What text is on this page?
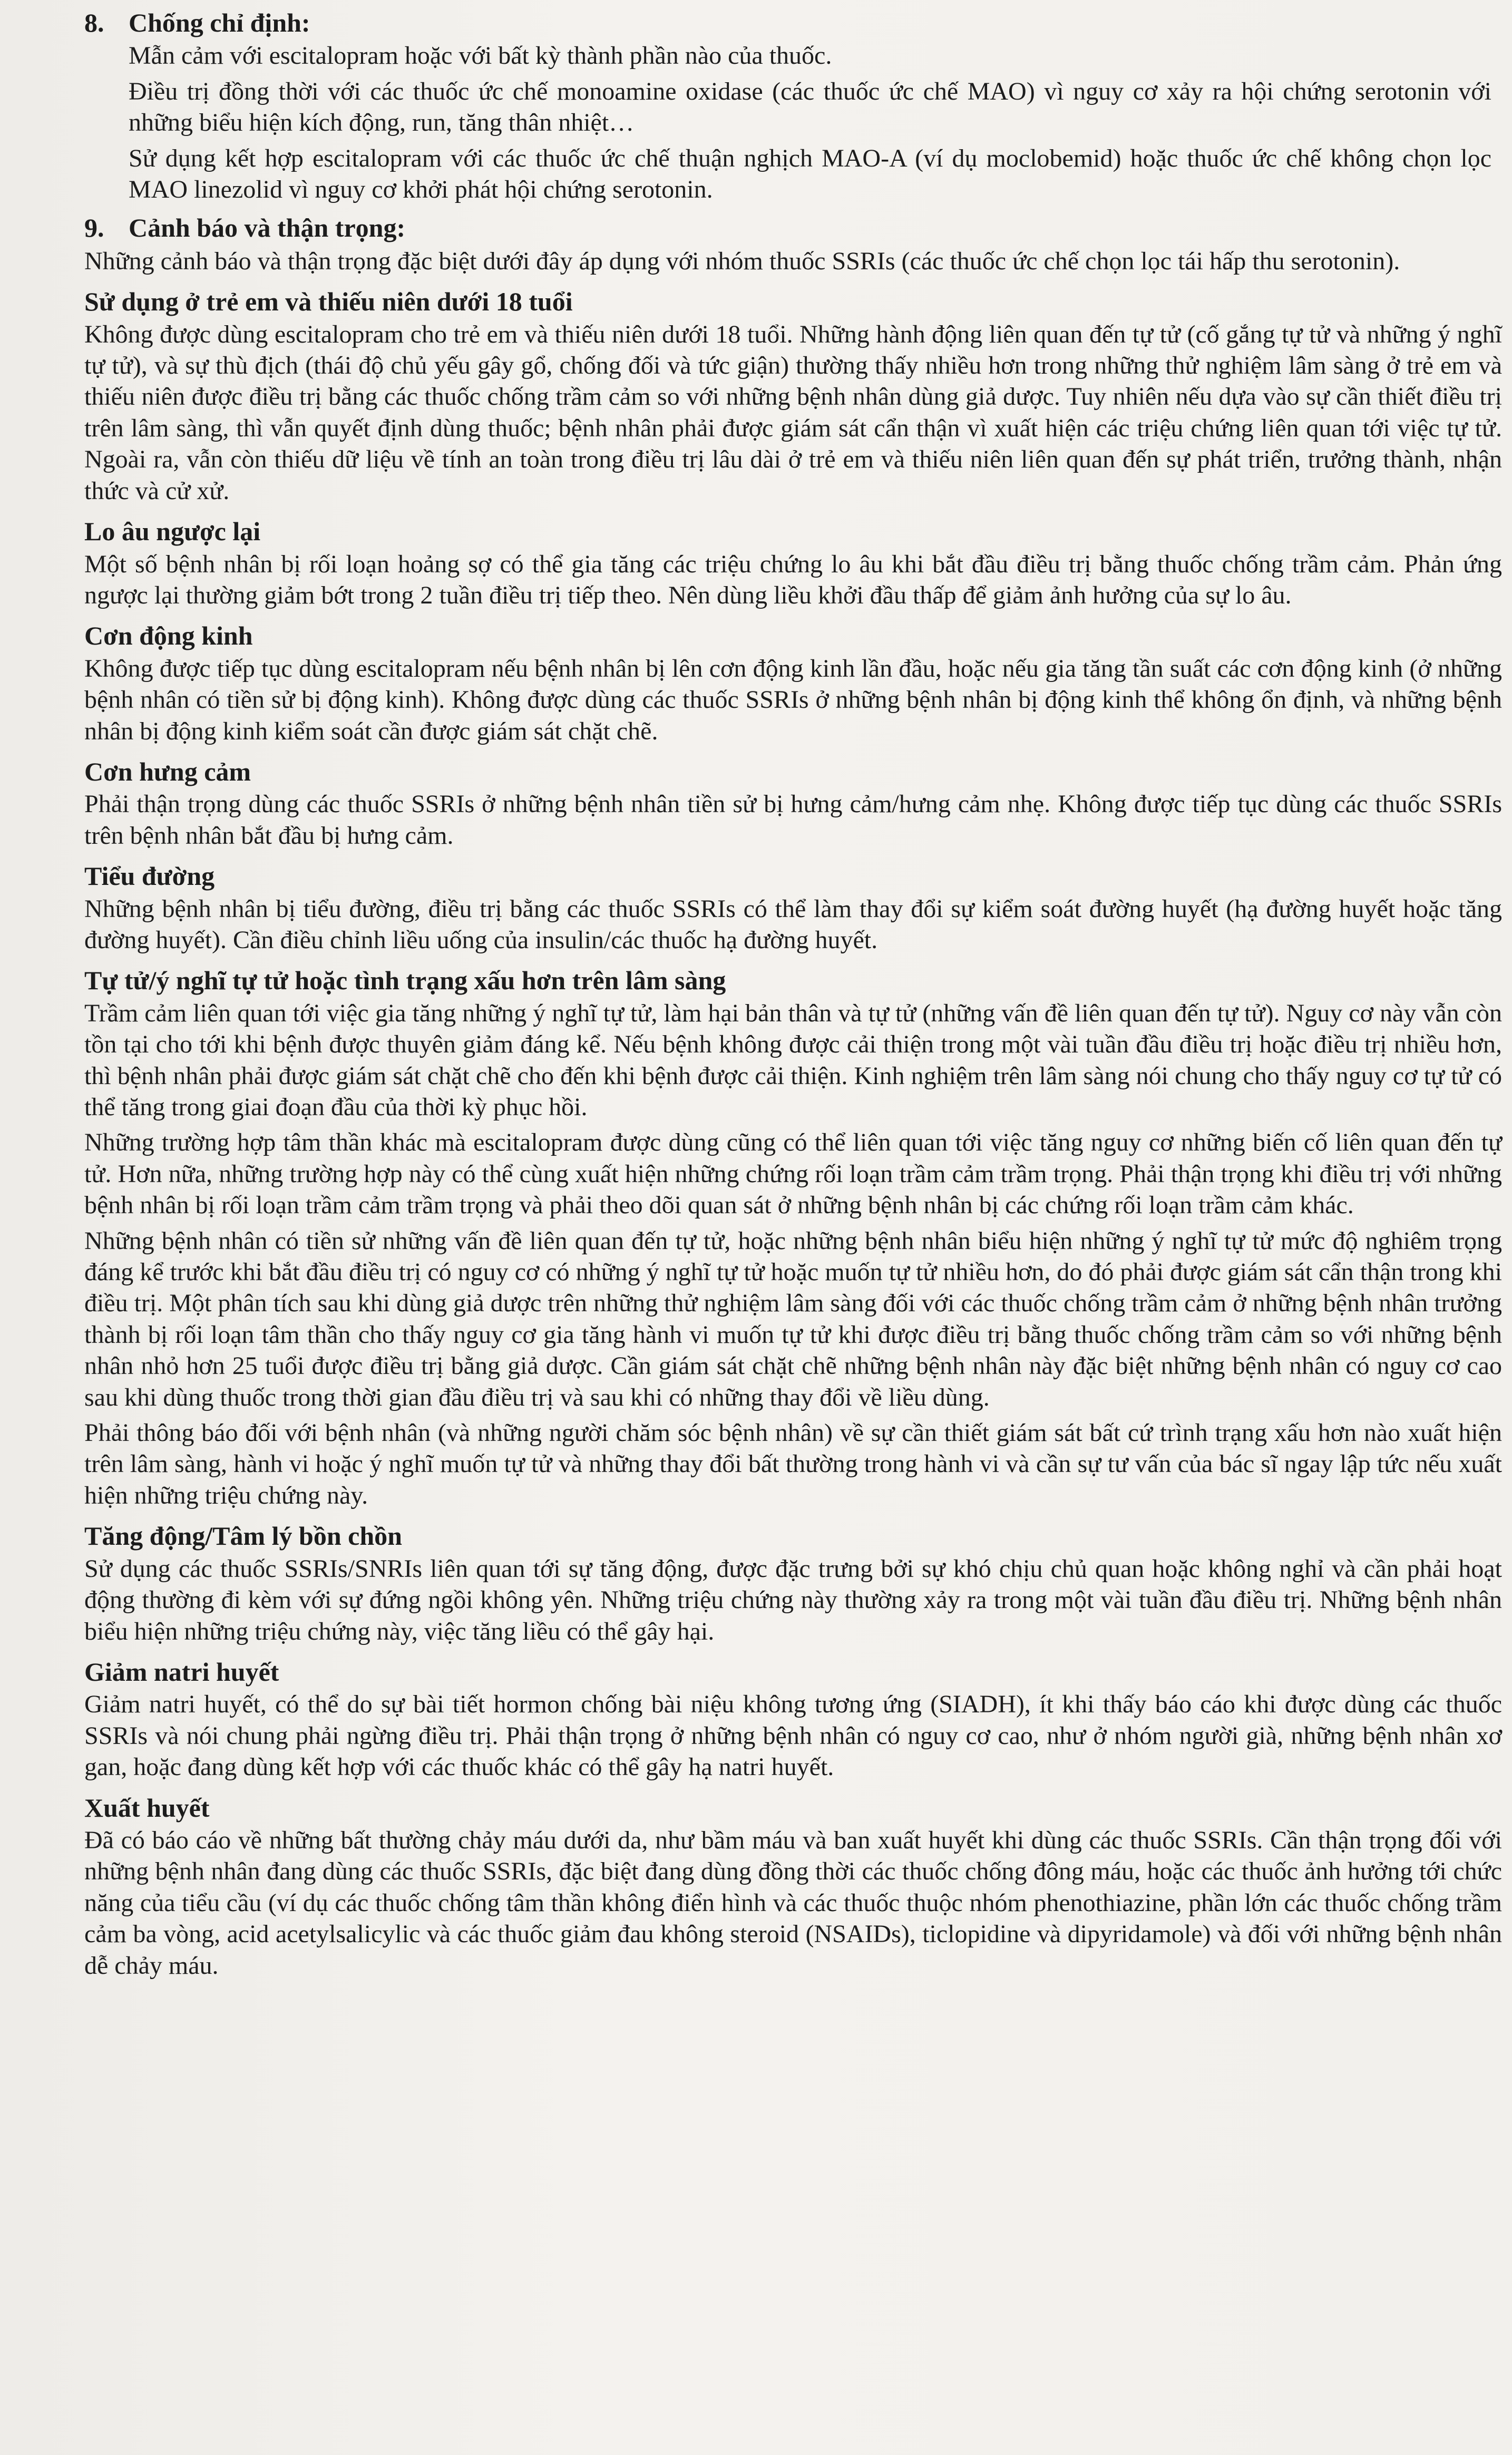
8. Chống chỉ định:

Mẫn cảm với escitalopram hoặc với bất kỳ thành phần nào của thuốc.

Điều trị đồng thời với các thuốc ức chế monoamine oxidase (các thuốc ức chế MAO) vì nguy cơ xảy ra hội chứng serotonin với những biểu hiện kích động, run, tăng thân nhiệt…

Sử dụng kết hợp escitalopram với các thuốc ức chế thuận nghịch MAO-A (ví dụ moclobemid) hoặc thuốc ức chế không chọn lọc MAO linezolid vì nguy cơ khởi phát hội chứng serotonin.

9. Cảnh báo và thận trọng:

Những cảnh báo và thận trọng đặc biệt dưới đây áp dụng với nhóm thuốc SSRIs (các thuốc ức chế chọn lọc tái hấp thu serotonin).

Sử dụng ở trẻ em và thiếu niên dưới 18 tuổi

Không được dùng escitalopram cho trẻ em và thiếu niên dưới 18 tuổi. Những hành động liên quan đến tự tử (cố gắng tự tử và những ý nghĩ tự tử), và sự thù địch (thái độ chủ yếu gây gổ, chống đối và tức giận) thường thấy nhiều hơn trong những thử nghiệm lâm sàng ở trẻ em và thiếu niên được điều trị bằng các thuốc chống trầm cảm so với những bệnh nhân dùng giả dược. Tuy nhiên nếu dựa vào sự cần thiết điều trị trên lâm sàng, thì vẫn quyết định dùng thuốc; bệnh nhân phải được giám sát cẩn thận vì xuất hiện các triệu chứng liên quan tới việc tự tử. Ngoài ra, vẫn còn thiếu dữ liệu về tính an toàn trong điều trị lâu dài ở trẻ em và thiếu niên liên quan đến sự phát triển, trưởng thành, nhận thức và cử xử.

Lo âu ngược lại

Một số bệnh nhân bị rối loạn hoảng sợ có thể gia tăng các triệu chứng lo âu khi bắt đầu điều trị bằng thuốc chống trầm cảm. Phản ứng ngược lại thường giảm bớt trong 2 tuần điều trị tiếp theo. Nên dùng liều khởi đầu thấp để giảm ảnh hưởng của sự lo âu.

Cơn động kinh

Không được tiếp tục dùng escitalopram nếu bệnh nhân bị lên cơn động kinh lần đầu, hoặc nếu gia tăng tần suất các cơn động kinh (ở những bệnh nhân có tiền sử bị động kinh). Không được dùng các thuốc SSRIs ở những bệnh nhân bị động kinh thể không ổn định, và những bệnh nhân bị động kinh kiểm soát cần được giám sát chặt chẽ.

Cơn hưng cảm

Phải thận trọng dùng các thuốc SSRIs ở những bệnh nhân tiền sử bị hưng cảm/hưng cảm nhẹ. Không được tiếp tục dùng các thuốc SSRIs trên bệnh nhân bắt đầu bị hưng cảm.

Tiểu đường

Những bệnh nhân bị tiểu đường, điều trị bằng các thuốc SSRIs có thể làm thay đổi sự kiểm soát đường huyết (hạ đường huyết hoặc tăng đường huyết). Cần điều chỉnh liều uống của insulin/các thuốc hạ đường huyết.

Tự tử/ý nghĩ tự tử hoặc tình trạng xấu hơn trên lâm sàng

Trầm cảm liên quan tới việc gia tăng những ý nghĩ tự tử, làm hại bản thân và tự tử (những vấn đề liên quan đến tự tử). Nguy cơ này vẫn còn tồn tại cho tới khi bệnh được thuyên giảm đáng kể. Nếu bệnh không được cải thiện trong một vài tuần đầu điều trị hoặc điều trị nhiều hơn, thì bệnh nhân phải được giám sát chặt chẽ cho đến khi bệnh được cải thiện. Kinh nghiệm trên lâm sàng nói chung cho thấy nguy cơ tự tử có thể tăng trong giai đoạn đầu của thời kỳ phục hồi.

Những trường hợp tâm thần khác mà escitalopram được dùng cũng có thể liên quan tới việc tăng nguy cơ những biến cố liên quan đến tự tử. Hơn nữa, những trường hợp này có thể cùng xuất hiện những chứng rối loạn trầm cảm trầm trọng. Phải thận trọng khi điều trị với những bệnh nhân bị rối loạn trầm cảm trầm trọng và phải theo dõi quan sát ở những bệnh nhân bị các chứng rối loạn trầm cảm khác.

Những bệnh nhân có tiền sử những vấn đề liên quan đến tự tử, hoặc những bệnh nhân biểu hiện những ý nghĩ tự tử mức độ nghiêm trọng đáng kể trước khi bắt đầu điều trị có nguy cơ có những ý nghĩ tự tử hoặc muốn tự tử nhiều hơn, do đó phải được giám sát cẩn thận trong khi điều trị. Một phân tích sau khi dùng giả dược trên những thử nghiệm lâm sàng đối với các thuốc chống trầm cảm ở những bệnh nhân trưởng thành bị rối loạn tâm thần cho thấy nguy cơ gia tăng hành vi muốn tự tử khi được điều trị bằng thuốc chống trầm cảm so với những bệnh nhân nhỏ hơn 25 tuổi được điều trị bằng giả dược. Cần giám sát chặt chẽ những bệnh nhân này đặc biệt những bệnh nhân có nguy cơ cao sau khi dùng thuốc trong thời gian đầu điều trị và sau khi có những thay đổi về liều dùng.

Phải thông báo đối với bệnh nhân (và những người chăm sóc bệnh nhân) về sự cần thiết giám sát bất cứ trình trạng xấu hơn nào xuất hiện trên lâm sàng, hành vi hoặc ý nghĩ muốn tự tử và những thay đổi bất thường trong hành vi và cần sự tư vấn của bác sĩ ngay lập tức nếu xuất hiện những triệu chứng này.

Tăng động/Tâm lý bồn chồn

Sử dụng các thuốc SSRIs/SNRIs liên quan tới sự tăng động, được đặc trưng bởi sự khó chịu chủ quan hoặc không nghỉ và cần phải hoạt động thường đi kèm với sự đứng ngồi không yên. Những triệu chứng này thường xảy ra trong một vài tuần đầu điều trị. Những bệnh nhân biểu hiện những triệu chứng này, việc tăng liều có thể gây hại.

Giảm natri huyết

Giảm natri huyết, có thể do sự bài tiết hormon chống bài niệu không tương ứng (SIADH), ít khi thấy báo cáo khi được dùng các thuốc SSRIs và nói chung phải ngừng điều trị. Phải thận trọng ở những bệnh nhân có nguy cơ cao, như ở nhóm người già, những bệnh nhân xơ gan, hoặc đang dùng kết hợp với các thuốc khác có thể gây hạ natri huyết.

Xuất huyết

Đã có báo cáo về những bất thường chảy máu dưới da, như bầm máu và ban xuất huyết khi dùng các thuốc SSRIs. Cần thận trọng đối với những bệnh nhân đang dùng các thuốc SSRIs, đặc biệt đang dùng đồng thời các thuốc chống đông máu, hoặc các thuốc ảnh hưởng tới chức năng của tiểu cầu (ví dụ các thuốc chống tâm thần không điển hình và các thuốc thuộc nhóm phenothiazine, phần lớn các thuốc chống trầm cảm ba vòng, acid acetylsalicylic và các thuốc giảm đau không steroid (NSAIDs), ticlopidine và dipyridamole) và đối với những bệnh nhân dễ chảy máu.
